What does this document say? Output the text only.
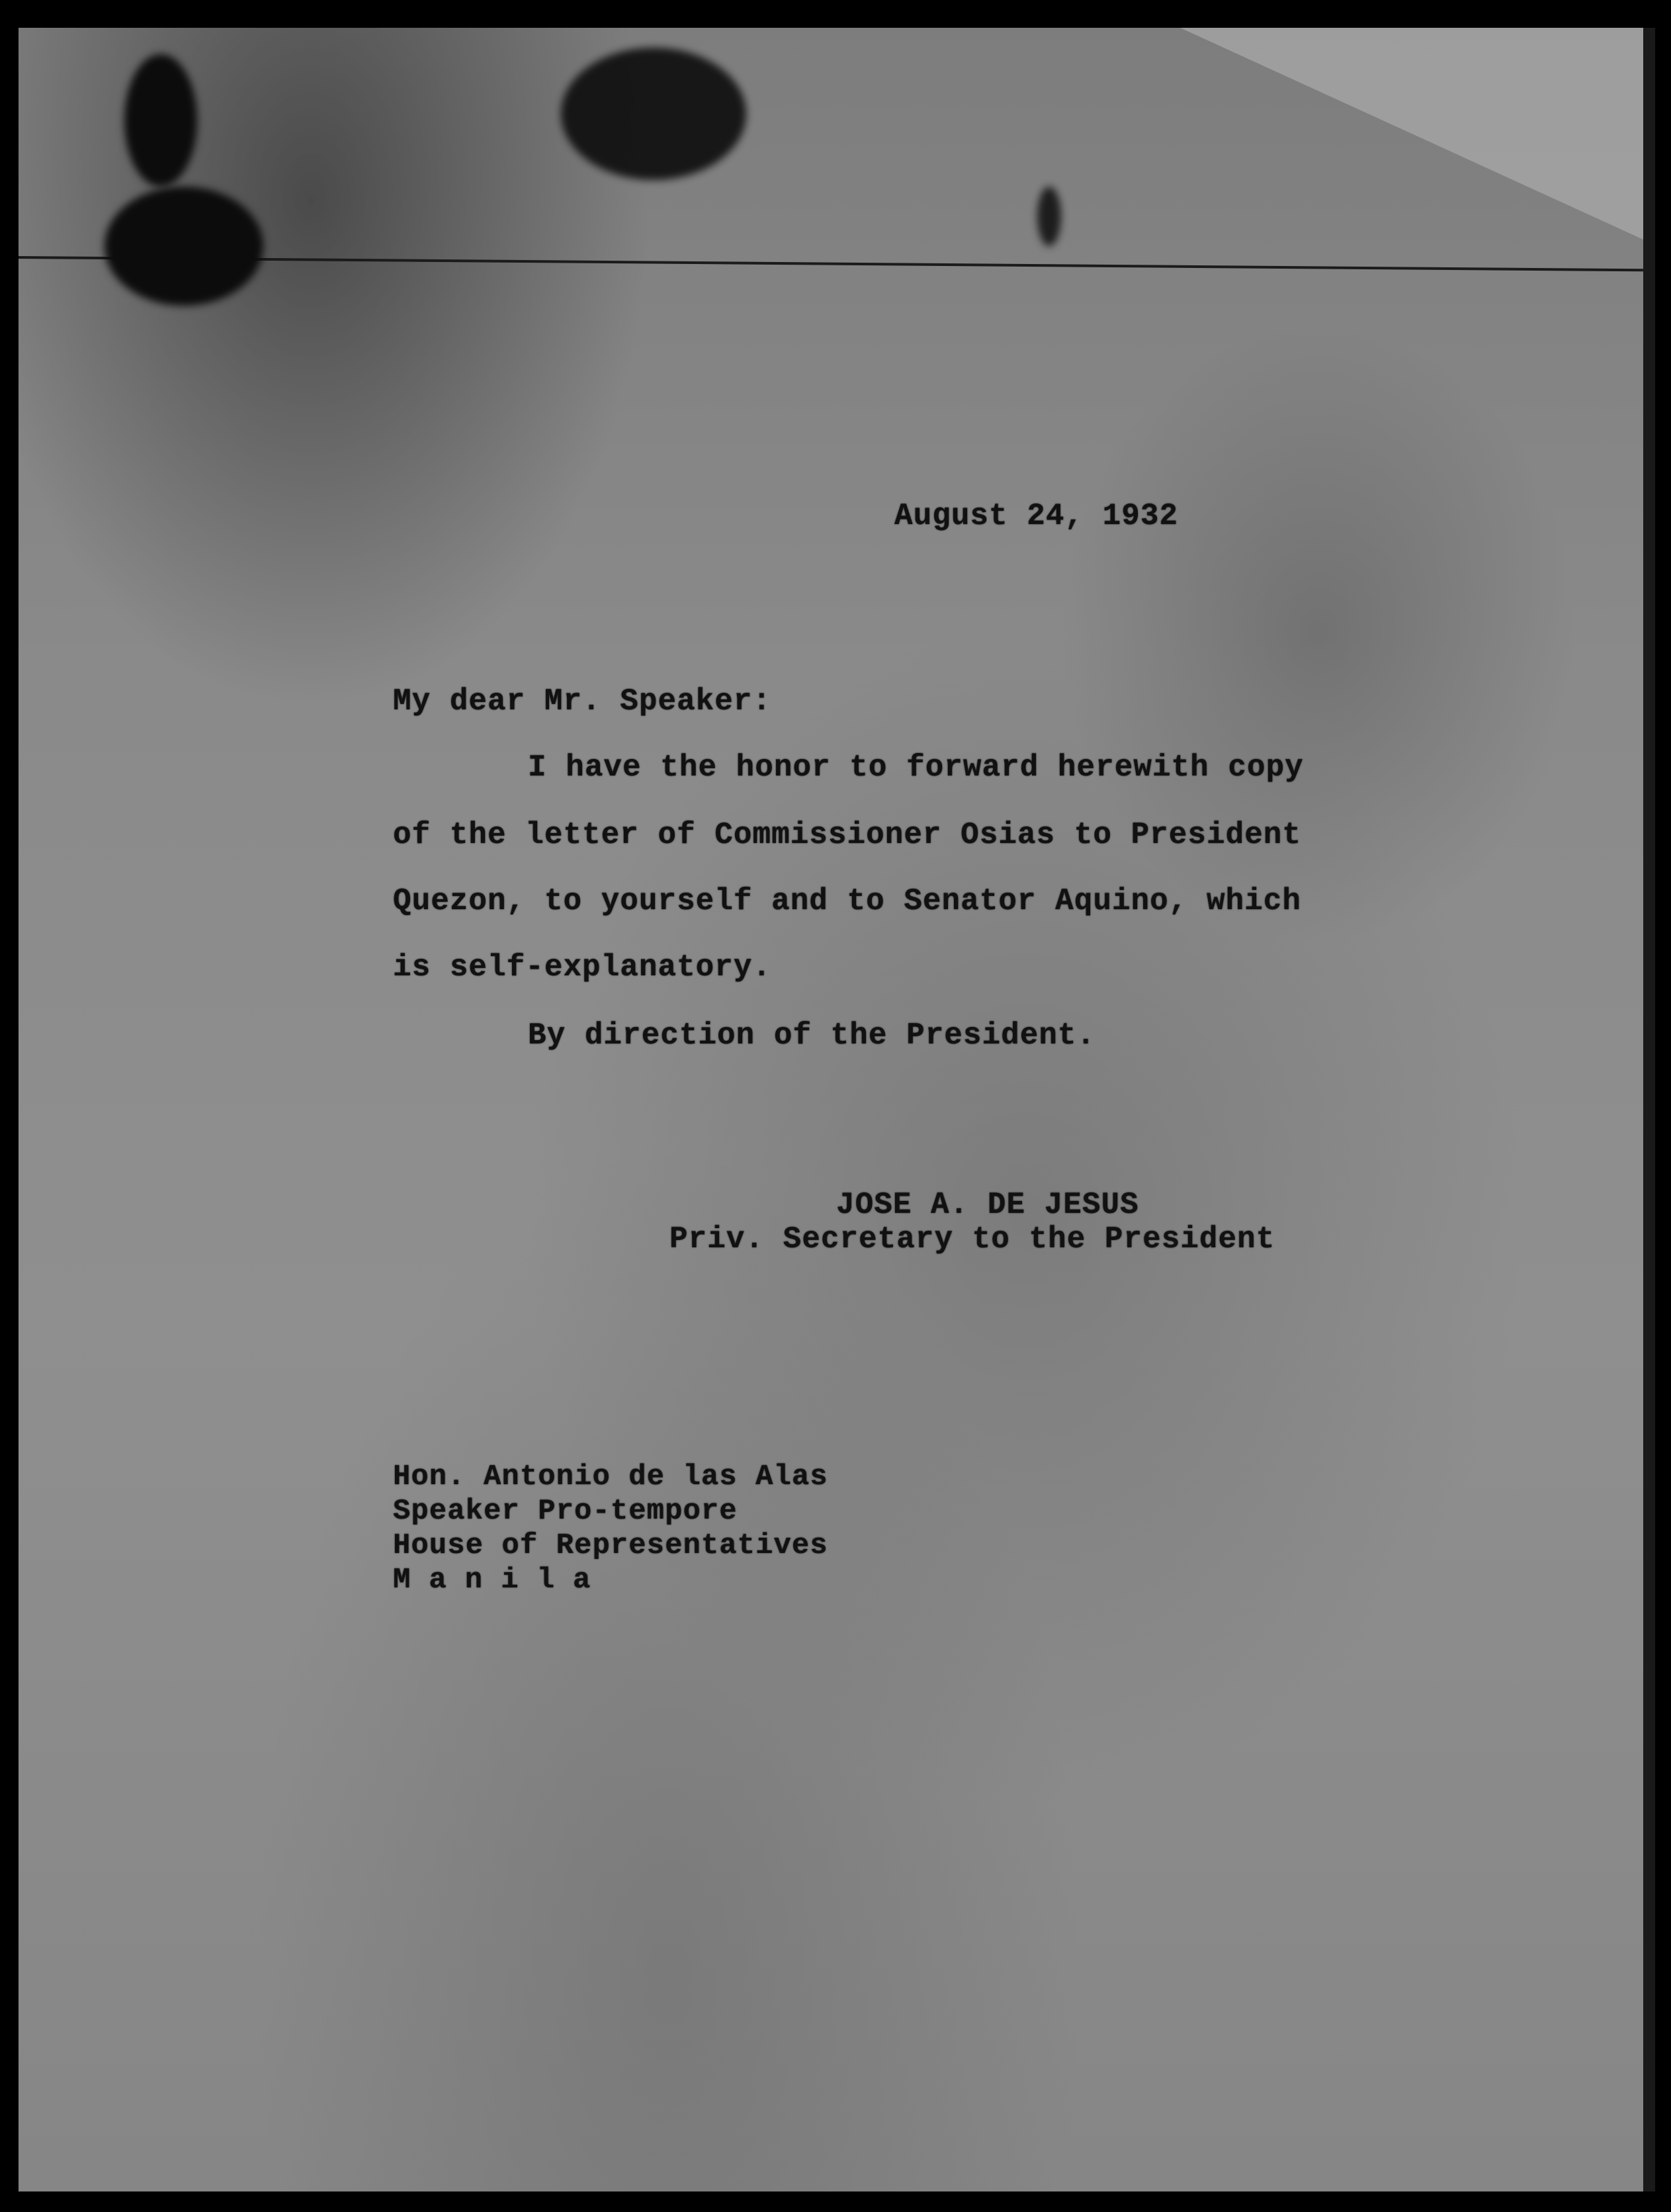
August 24, 1932
My dear Mr. Speaker:
I have the honor to forward herewith copy
of the letter of Commissioner Osias to President
Quezon, to yourself and to Senator Aquino, which
is self-explanatory.
By direction of the President.
JOSE A. DE JESUS
Priv. Secretary to the President
Hon. Antonio de las Alas
Speaker Pro-tempore
House of Representatives
Manila
